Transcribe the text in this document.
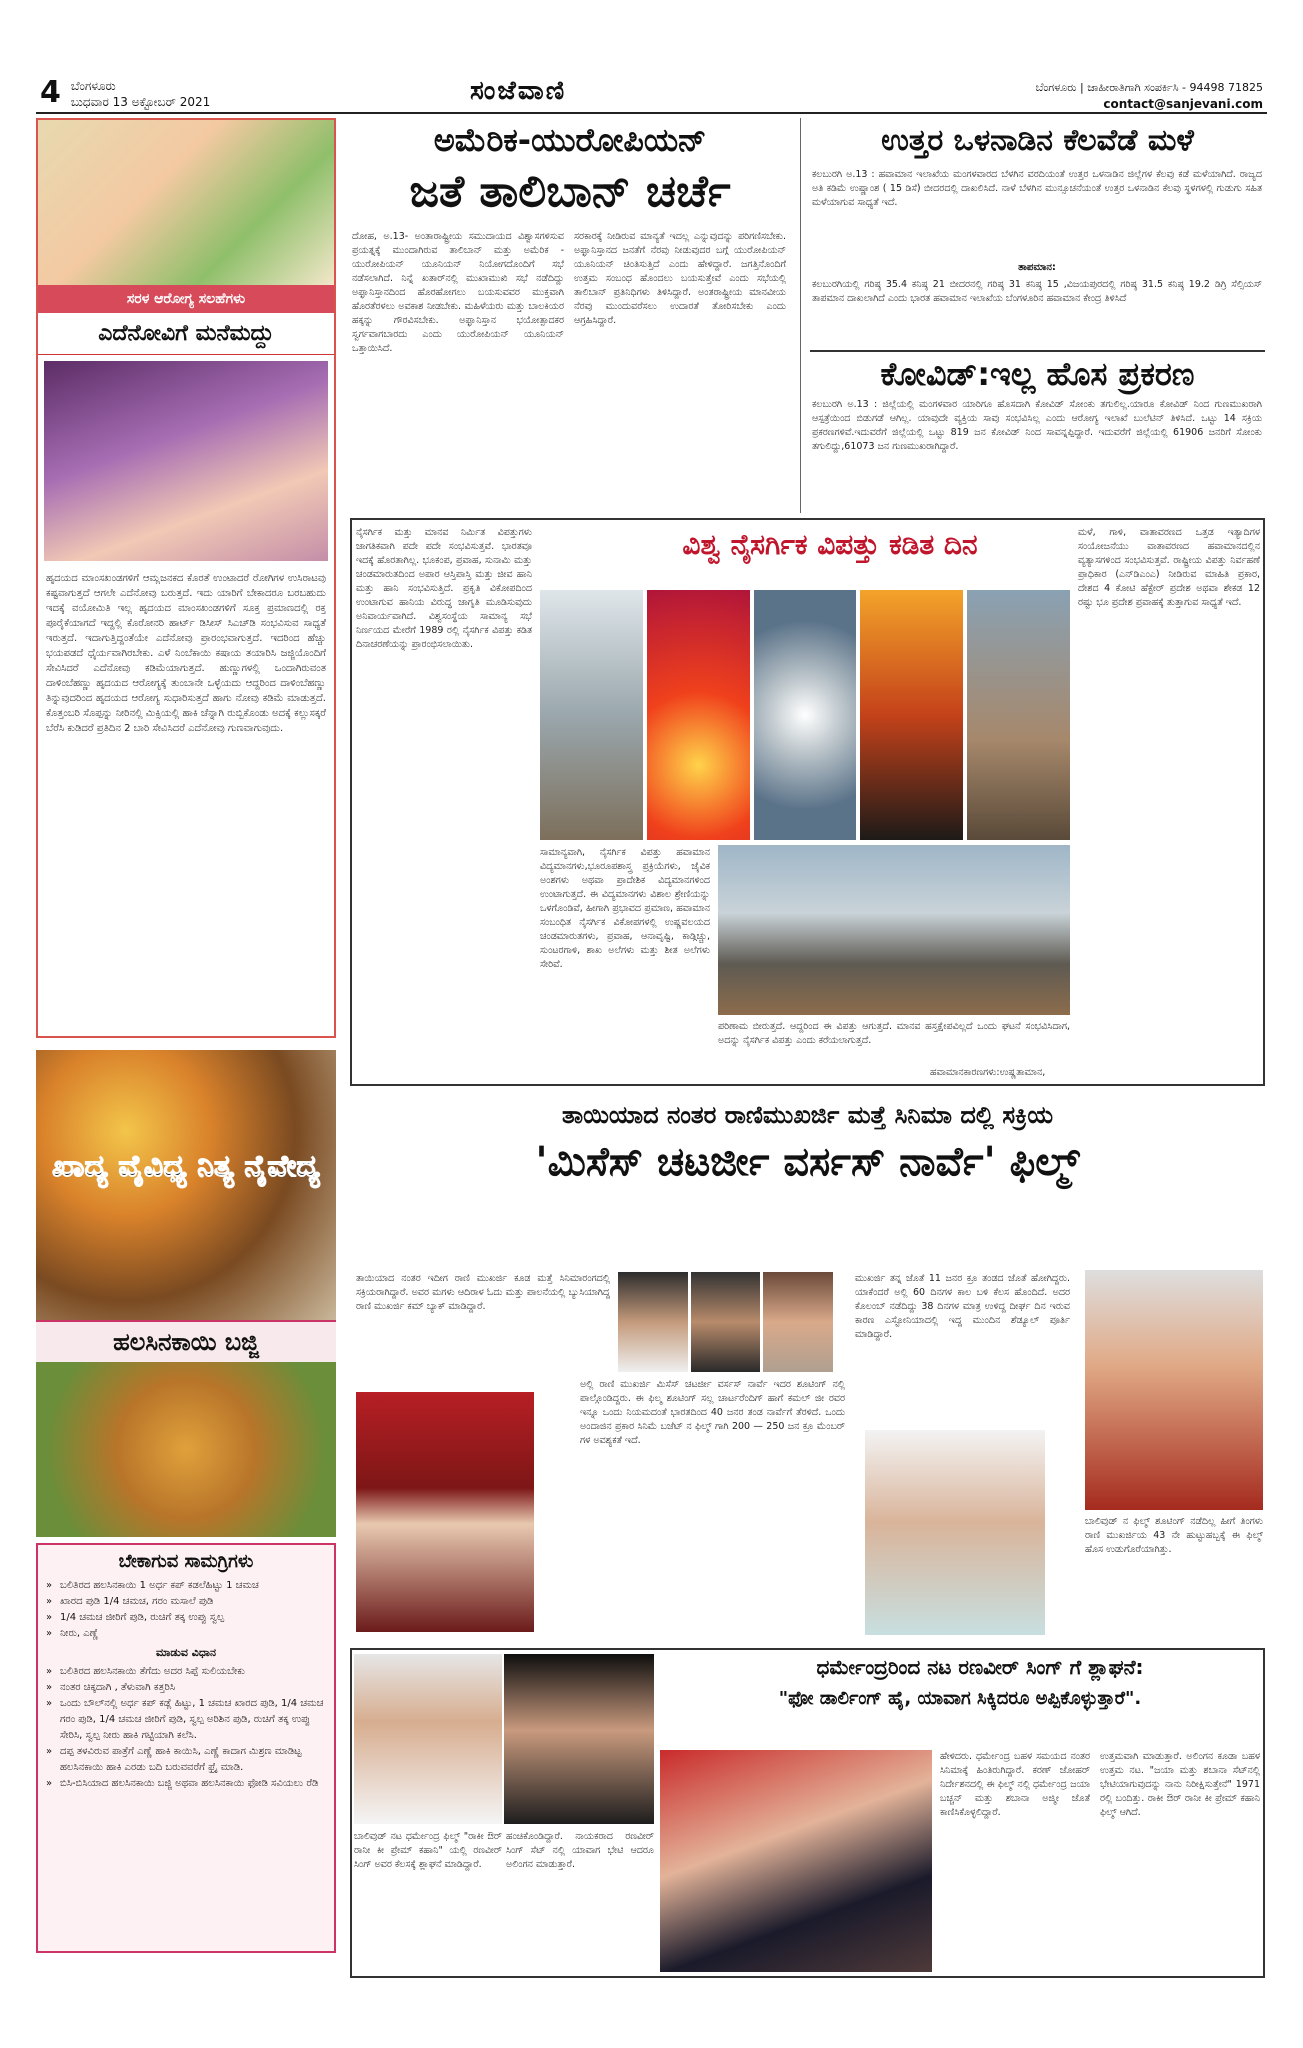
4 ಬೆಂಗಳೂರು
ಬುಧವಾರ 13 ಅಕ್ಟೋಬರ್ 2021	ಸಂಜೆವಾಣಿ	ಬೆಂಗಳೂರು | ಜಾಹೀರಾತಿಗಾಗಿ ಸಂಪರ್ಕಿಸಿ - 94498 71825
contact@sanjevani.com
ಸರಳ ಆರೋಗ್ಯ ಸಲಹೆಗಳು
ಎದೆನೋವಿಗೆ ಮನೆಮದ್ದು
ಹೃದಯದ ಮಾಂಸಖಂಡಗಳಿಗೆ ಆಮ್ಲಜನಕದ ಕೊರತೆ ಉಂಟಾದರೆ ರೋಗಿಗಳ ಉಸಿರಾಟವು ಕಷ್ಟವಾಗುತ್ತದೆ ಆಗಲೇ ಎದೆನೋವು ಬರುತ್ತದೆ. ಇದು ಯಾರಿಗೆ ಬೇಕಾದರೂ ಬರಬಹುದು ಇದಕ್ಕೆ ವಯೋಮಿತಿ ಇಲ್ಲ ಹೃದಯದ ಮಾಂಸಖಂಡಗಳಿಗೆ ಸೂಕ್ತ ಪ್ರಮಾಣದಲ್ಲಿ ರಕ್ತ ಪೂರೈಕೆಯಾಗದೆ ಇದ್ದಲ್ಲಿ ಕೊರೋನರಿ ಹಾರ್ಟ್ ಡಿಸೀಸ್ ಸಿಎಚ್‌ಡಿ ಸಂಭವಿಸುವ ಸಾಧ್ಯತೆ ಇರುತ್ತದೆ. ಇದಾಗುತ್ತಿದ್ದಂತೆಯೇ ಎದೆನೋವು ಪ್ರಾರಂಭವಾಗುತ್ತದೆ. ಇದರಿಂದ ಹೆಚ್ಚು ಭಯಪಡದೆ ಧೈರ್ಯವಾಗಿರಬೇಕು. ಎಳೆ ನಿಂಬೆಕಾಯಿ ಕಷಾಯ ತಯಾರಿಸಿ ಜಜ್ಜಿಯೊಂದಿಗೆ ಸೇವಿಸಿದರೆ ಎದೆನೋವು ಕಡಿಮೆಯಾಗುತ್ತದೆ. ಹುಣ್ಣುಗಳಲ್ಲಿ ಒಂದಾಗಿರುವಂತ ದಾಳಿಂಬೆಹಣ್ಣು ಹೃದಯದ ಆರೋಗ್ಯಕ್ಕೆ ತುಂಬಾನೇ ಒಳ್ಳೆಯದು ಆದ್ದರಿಂದ ದಾಳಿಂಬೆಹಣ್ಣು ತಿನ್ನುವುದರಿಂದ ಹೃದಯದ ಆರೋಗ್ಯ ಸುಧಾರಿಸುತ್ತದೆ ಹಾಗು ನೋವು ಕಡಿಮೆ ಮಾಡುತ್ತದೆ. ಕೊತ್ತಂಬರಿ ಸೊಪ್ಪನ್ನು ನೀರಿನಲ್ಲಿ ಮಿಕ್ಸಿಯಲ್ಲಿ ಹಾಕಿ ಚೆನ್ನಾಗಿ ರುಬ್ಬಿಕೊಂಡು ಅದಕ್ಕೆ ಕಲ್ಲುಸಕ್ಕರೆ ಬೆರೆಸಿ ಕುಡಿದರೆ ಪ್ರತಿದಿನ 2 ಬಾರಿ ಸೇವಿಸಿದರೆ ಎದೆನೋವು ಗುಣವಾಗುವುದು.
ಖಾದ್ಯ ವೈವಿಧ್ಯ ನಿತ್ಯ ನೈವೇದ್ಯ
ಹಲಸಿನಕಾಯಿ ಬಜ್ಜಿ
ಬೇಕಾಗುವ ಸಾಮಗ್ರಿಗಳು
» ಬಲಿತಿರದ ಹಲಸಿನಕಾಯಿ 1 ಅರ್ಧ ಕಪ್ ಕಡಲೆಹಿಟ್ಟು 1 ಚಮಚ
» ಖಾರದ ಪುಡಿ 1/4 ಚಮಚ, ಗರಂ ಮಸಾಲೆ ಪುಡಿ
» 1/4 ಚಮಚ ಜೀರಿಗೆ ಪುಡಿ, ರುಚಿಗೆ ತಕ್ಕ ಉಪ್ಪು ಸ್ವಲ್ಪ
» ನೀರು, ಎಣ್ಣೆ
ಮಾಡುವ ವಿಧಾನ
» ಬಲಿತಿರದ ಹಲಸಿನಕಾಯಿ ತೆಗೆದು ಅದರ ಸಿಪ್ಪೆ ಸುಲಿಯಬೇಕು
» ನಂತರ ಚಿಕ್ಕದಾಗಿ , ತೆಳುವಾಗಿ ಕತ್ತರಿಸಿ
» ಒಂದು ಬೌಲ್‌ನಲ್ಲಿ ಅರ್ಧ ಕಪ್ ಕಡ್ಲೆ ಹಿಟ್ಟು, 1 ಚಮಚ ಖಾರದ ಪುಡಿ, 1/4 ಚಮಚ ಗರಂ ಪುಡಿ, 1/4 ಚಮಚ ಜೀರಿಗೆ ಪುಡಿ, ಸ್ವಲ್ಪ ಅರಿಶಿನ ಪುಡಿ, ರುಚಿಗೆ ತಕ್ಕ ಉಪ್ಪು ಸೇರಿಸಿ, ಸ್ವಲ್ಪ ನೀರು ಹಾಕಿ ಗಟ್ಟಿಯಾಗಿ ಕಲೆಸಿ.
» ದಪ್ಪ ತಳವಿರುವ ಪಾತ್ರೆಗೆ ಎಣ್ಣೆ ಹಾಕಿ ಕಾಯಿಸಿ, ಎಣ್ಣೆ ಕಾದಾಗ ಮಿಶ್ರಣ ಮಾಡಿಟ್ಟ ಹಲಸಿನಕಾಯಿ ಹಾಕಿ ಎರಡು ಬದಿ ಬರುವವರೆಗೆ ಫ್ರೈ ಮಾಡಿ.
» ಬಿಸಿ-ಬಿಸಿಯಾದ ಹಲಸಿನಕಾಯಿ ಬಜ್ಜಿ ಅಥವಾ ಹಲಸಿನಕಾಯಿ ಫೋಡಿ ಸವಿಯಲು ರೆಡಿ
ಅಮೆರಿಕ-ಯುರೋಪಿಯನ್
ಜತೆ ತಾಲಿಬಾನ್ ಚರ್ಚೆ
ದೋಹ, ಅ.13- ಅಂತಾರಾಷ್ಟ್ರೀಯ ಸಮುದಾಯದ ವಿಶ್ವಾಸಗಳಿಸುವ ಪ್ರಯತ್ನಕ್ಕೆ ಮುಂದಾಗಿರುವ ತಾಲಿಬಾನ್ ಮತ್ತು ಅಮೆರಿಕ - ಯುರೋಪಿಯನ್ ಯೂನಿಯನ್ ನಿಯೋಗದೊಂದಿಗೆ ಸಭೆ ನಡೆಸಲಾಗಿದೆ. ನಿನ್ನೆ ಖತಾರ್‌ನಲ್ಲಿ ಮುಖಾಮುಖಿ ಸಭೆ ನಡೆದಿದ್ದು ಅಫ್ಘಾನಿಸ್ತಾನದಿಂದ ಹೊರಹೋಗಲು ಬಯಸುವವರ ಮುಕ್ತವಾಗಿ ಹೊರತೆರಳಲು ಅವಕಾಶ ನೀಡಬೇಕು. ಮಹಿಳೆಯರು ಮತ್ತು ಬಾಲಕಿಯರ ಹಕ್ಕನ್ನು ಗೌರವಿಸಬೇಕು. ಅಫ್ಘಾನಿಸ್ತಾನ ಭಯೋತ್ಪಾದಕರ ಸ್ವರ್ಗವಾಗಬಾರದು ಎಂದು ಯುರೋಪಿಯನ್ ಯೂನಿಯನ್ ಒತ್ತಾಯಿಸಿದೆ.
ಸರಕಾರಕ್ಕೆ ನೀಡಿರುವ ಮಾನ್ಯತೆ ಇದಲ್ಲ ಎನ್ನುವುದನ್ನು ಪರಿಗಣಿಸಬೇಕು. ಅಫ್ಘಾನಿಸ್ತಾನದ ಜನತೆಗೆ ನೆರವು ನೀಡುವುದರ ಬಗ್ಗೆ ಯುರೋಪಿಯನ್ ಯೂನಿಯನ್ ಚಿಂತಿಸುತ್ತಿದೆ ಎಂದು ಹೇಳಿದ್ದಾರೆ. ಜಗತ್ತಿನೊಂದಿಗೆ ಉತ್ತಮ ಸಂಬಂಧ ಹೊಂದಲು ಬಯಸುತ್ತೇವೆ ಎಂದು ಸಭೆಯಲ್ಲಿ ತಾಲಿಬಾನ್ ಪ್ರತಿನಿಧಿಗಳು ತಿಳಿಸಿದ್ದಾರೆ. ಅಂತರಾಷ್ಟ್ರೀಯ ಮಾನವೀಯ ನೆರವು ಮುಂದುವರೆಸಲು ಉದಾರತೆ ತೋರಿಸಬೇಕು ಎಂದು ಆಗ್ರಹಿಸಿದ್ದಾರೆ.
ಉತ್ತರ ಒಳನಾಡಿನ ಕೆಲವೆಡೆ ಮಳೆ
ಕಲಬುರಗಿ ಅ.13 : ಹವಾಮಾನ ಇಲಾಖೆಯ ಮಂಗಳವಾರದ ಬೆಳಗಿನ ವರದಿಯಂತೆ ಉತ್ತರ ಒಳನಾಡಿನ ಜಿಲ್ಲೆಗಳ ಕೆಲವು ಕಡೆ ಮಳೆಯಾಗಿದೆ. ರಾಜ್ಯದ ಅತಿ ಕಡಿಮೆ ಉಷ್ಣಾಂಶ ( 15 ಡಿಸೆ) ಬೀದರದಲ್ಲಿ ದಾಖಲಿಸಿದೆ. ನಾಳೆ ಬೆಳಗಿನ ಮುನ್ಸೂಚನೆಯಂತೆ ಉತ್ತರ ಒಳನಾಡಿನ ಕೆಲವು ಸ್ಥಳಗಳಲ್ಲಿ ಗುಡುಗು ಸಹಿತ ಮಳೆಯಾಗುವ ಸಾಧ್ಯತೆ ಇದೆ.
ತಾಪಮಾನ:
ಕಲಬುರಗಿಯಲ್ಲಿ ಗರಿಷ್ಠ 35.4 ಕನಿಷ್ಠ 21 ಬೀದರನಲ್ಲಿ ಗರಿಷ್ಠ 31 ಕನಿಷ್ಠ 15 ,ವಿಜಯಪುರದಲ್ಲಿ ಗರಿಷ್ಠ 31.5 ಕನಿಷ್ಠ 19.2 ಡಿಗ್ರಿ ಸೆಲ್ಸಿಯಸ್ ತಾಪಮಾನ ದಾಖಲಾಗಿದೆ ಎಂದು ಭಾರತ ಹವಾಮಾನ ಇಲಾಖೆಯ ಬೆಂಗಳೂರಿನ ಹವಾಮಾನ ಕೇಂದ್ರ ತಿಳಿಸಿದೆ
ಕೋವಿಡ್:ಇಲ್ಲ ಹೊಸ ಪ್ರಕರಣ
ಕಲಬುರಗಿ ಅ.13 : ಜಿಲ್ಲೆಯಲ್ಲಿ ಮಂಗಳವಾರ ಯಾರಿಗೂ ಹೊಸದಾಗಿ ಕೋವಿಡ್ ಸೋಂಕು ತಗುಲಿಲ್ಲ.ಯಾರೂ ಕೋವಿಡ್ ನಿಂದ ಗುಣಮುಖರಾಗಿ ಆಸ್ಪತ್ರೆಯಿಂದ ಬಿಡುಗಡೆ ಆಗಿಲ್ಲ. ಯಾವುದೇ ವ್ಯಕ್ತಿಯ ಸಾವು ಸಂಭವಿಸಿಲ್ಲ ಎಂದು ಆರೋಗ್ಯ ಇಲಾಖೆ ಬುಲೆಟಿನ್ ತಿಳಿಸಿದೆ. ಒಟ್ಟು 14 ಸಕ್ರಿಯ ಪ್ರಕರಣಗಳಿವೆ.ಇದುವರೆಗೆ ಜಿಲ್ಲೆಯಲ್ಲಿ ಒಟ್ಟು 819 ಜನ ಕೋವಿಡ್ ನಿಂದ ಸಾವನ್ನಪ್ಪಿದ್ದಾರೆ. ಇದುವರೆಗೆ ಜಿಲ್ಲೆಯಲ್ಲಿ 61906 ಜನರಿಗೆ ಸೋಂಕು ತಗುಲಿದ್ದು,61073 ಜನ ಗುಣಮುಖರಾಗಿದ್ದಾರೆ.
ನೈಸರ್ಗಿಕ ಮತ್ತು ಮಾನವ ನಿರ್ಮಿತ ವಿಪತ್ತುಗಳು ಜಾಗತಿಕವಾಗಿ ಪದೇ ಪದೇ ಸಂಭವಿಸುತ್ತವೆ. ಭಾರತವೂ ಇದಕ್ಕೆ ಹೊರತಾಗಿಲ್ಲ. ಭೂಕಂಪ, ಪ್ರವಾಹ, ಸುನಾಮಿ ಮತ್ತು ಚಂಡಮಾರುತದಿಂದ ಅಪಾರ ಆಸ್ತಿಪಾಸ್ತಿ ಮತ್ತು ಜೀವ ಹಾನಿ ಮತ್ತು ಹಾನಿ ಸಂಭವಿಸುತ್ತಿದೆ. ಪ್ರಕೃತಿ ವಿಕೋಪದಿಂದ ಉಂಟಾಗುವ ಹಾನಿಯ ವಿರುದ್ಧ ಜಾಗೃತಿ ಮೂಡಿಸುವುದು ಅನಿವಾರ್ಯವಾಗಿದೆ. ವಿಶ್ವಸಂಸ್ಥೆಯ ಸಾಮಾನ್ಯ ಸಭೆ ನಿರ್ಣಯದ ಮೇರೆಗೆ 1989 ರಲ್ಲಿ ನೈಸರ್ಗಿಕ ವಿಪತ್ತು ಕಡಿತ ದಿನಾಚರಣೆಯನ್ನು ಪ್ರಾರಂಭಿಸಲಾಯಿತು.
ವಿಶ್ವ ನೈಸರ್ಗಿಕ ವಿಪತ್ತು ಕಡಿತ ದಿನ
ಸಾಮಾನ್ಯವಾಗಿ, ನೈಸರ್ಗಿಕ ವಿಪತ್ತು ಹವಾಮಾನ ವಿದ್ಯಮಾನಗಳು,ಭೂರೂಪಶಾಸ್ತ್ರ ಪ್ರಕ್ರಿಯೆಗಳು, ಜೈವಿಕ ಅಂಶಗಳು ಅಥವಾ ಪ್ರಾದೇಶಿಕ ವಿದ್ಯಮಾನಗಳಿಂದ ಉಂಟಾಗುತ್ತದೆ. ಈ ವಿದ್ಯಮಾನಗಳು ವಿಶಾಲ ಶ್ರೇಣಿಯನ್ನು ಒಳಗೊಂಡಿವೆ, ಹೀಗಾಗಿ ಪ್ರಭಾವದ ಪ್ರಮಾಣ, ಹವಾಮಾನ ಸಂಬಂಧಿತ ನೈಸರ್ಗಿಕ ವಿಕೋಪಗಳಲ್ಲಿ ಉಷ್ಣವಲಯದ ಚಂಡಮಾರುತಗಳು, ಪ್ರವಾಹ, ಆನಾವೃಷ್ಟಿ, ಕಾಡ್ಗಿಚ್ಚು, ಸುಂಟರಗಾಳಿ, ಶಾಖ ಅಲೆಗಳು ಮತ್ತು ಶೀತ ಅಲೆಗಳು ಸೇರಿವೆ.
ಪರಿಣಾಮ ಬೀರುತ್ತದೆ. ಆದ್ದರಿಂದ ಈ ವಿಪತ್ತು ಆಗುತ್ತದೆ. ಮಾನವ ಹಸ್ತಕ್ಷೇಪವಿಲ್ಲದೆ ಒಂದು ಘಟನೆ ಸಂಭವಿಸಿದಾಗ, ಅದನ್ನು ನೈಸರ್ಗಿಕ ವಿಪತ್ತು ಎಂದು ಕರೆಯಲಾಗುತ್ತದೆ.
ಹವಾಮಾನಕಾರಣಗಳು:ಉಷ್ಣತಾಮಾನ,
ಮಳೆ, ಗಾಳಿ, ವಾತಾವರಣದ ಒತ್ತಡ ಇತ್ಯಾದಿಗಳ ಸಂಯೋಜನೆಯು ವಾತಾವರಣದ ಹವಾಮಾನದಲ್ಲಿನ ವ್ಯತ್ಯಾಸಗಳಿಂದ ಸಂಭವಿಸುತ್ತವೆ. ರಾಷ್ಟ್ರೀಯ ವಿಪತ್ತು ನಿರ್ವಹಣೆ ಪ್ರಾಧಿಕಾರ (ಎನ್‌ಡಿಎಂಎ) ನೀಡಿರುವ ಮಾಹಿತಿ ಪ್ರಕಾರ, ದೇಶದ 4 ಕೋಟಿ ಹೆಕ್ಟೇರ್ ಪ್ರದೇಶ ಅಥವಾ ಶೇಕಡ 12 ರಷ್ಟು ಭೂ ಪ್ರದೇಶ ಪ್ರವಾಹಕ್ಕೆ ತುತ್ತಾಗುವ ಸಾಧ್ಯತೆ ಇದೆ.
ತಾಯಿಯಾದ ನಂತರ ರಾಣಿಮುಖರ್ಜಿ ಮತ್ತೆ ಸಿನಿಮಾ ದಲ್ಲಿ ಸಕ್ರಿಯ
'ಮಿಸೆಸ್ ಚಟರ್ಜೀ ವರ್ಸಸ್ ನಾರ್ವೆ' ಫಿಲ್ಮ್
ತಾಯಿಯಾದ ನಂತರ ಇದೀಗ ರಾಣಿ ಮುಖರ್ಜಿ ಕೂಡ ಮತ್ತೆ ಸಿನಿಮಾರಂಗದಲ್ಲಿ ಸಕ್ರಿಯರಾಗಿದ್ದಾರೆ. ಅವರ ಮಗಳು ಆದಿರಾಳ ಓದು ಮತ್ತು ಪಾಲನೆಯಲ್ಲಿ ಬ್ಯುಸಿಯಾಗಿದ್ದ ರಾಣಿ ಮುಖರ್ಜಿ ಕಮ್ ಬ್ಯಾಕ್ ಮಾಡಿದ್ದಾರೆ.
ಅಲ್ಲಿ ರಾಣಿ ಮುಖರ್ಜಿ ಮಿಸೆಸ್ ಚಟರ್ಜೀ ವರ್ಸಸ್ ನಾರ್ವೆ ಇದರ ಶೂಟಿಂಗ್ ನಲ್ಲಿ ಪಾಲ್ಗೊಂಡಿದ್ದರು. ಈ ಫಿಲ್ಮ ಶೂಟಿಂಗ್ ಸಲ್ಲ ಚಾರ್ಟರೆಂದಿಗ್ ಹಾಗೆ ಕಮಲ್ ಜೀ ರವರ ಇನ್ನೂ ಒಂದು ನಿಯಮದಂತೆ ಭಾರತದಿಂದ 40 ಜನರ ತಂಡ ನಾರ್ವೆಗೆ ತೆರಳಿದೆ. ಒಂದು ಅಂದಾಜಿನ ಪ್ರಕಾರ ಸಿನಿಮೆ ಬಜೆಟ್ ನ ಫಿಲ್ಮ್ ಗಾಗಿ 200 — 250 ಜನ ಕ್ರೂ ಮೆಂಬರ್ ಗಳ ಅವಶ್ಯಕತೆ ಇದೆ.
ಮುಖರ್ಜಿ ತನ್ನ ಜೊತೆ 11 ಜನರ ಕ್ರೂ ತಂಡದ ಜೊತೆ ಹೋಗಿದ್ದರು. ಯಾಕೆಂದರೆ ಅಲ್ಲಿ 60 ದಿನಗಳ ಕಾಲ ಬಳಿ ಕೆಲಸ ಹೊಂದಿದೆ. ಅದರ ಕೊಲಂಬ್ ನಡೆದಿದ್ದು 38 ದಿನಗಳ ಮಾತ್ರ ಉಳಿದ್ದ ದೀರ್ಘ ದಿನ ಇರುವ ಕಾರಣ ಎಸ್ಟೋನಿಯಾದಲ್ಲಿ ಇದ್ದ ಮುಂದಿನ ಶೆಡ್ಯೂಲ್ ಪೂರ್ತಿ ಮಾಡಿದ್ದಾರೆ.
ಬಾಲಿವುಡ್ ನ ಫಿಲ್ಮ್ ಶೂಟಿಂಗ್ ನಡೆದಿಲ್ಲ ಹೀಗೆ ತಿಂಗಳು ರಾಣಿ ಮುಖರ್ಜಿಯ 43 ನೇ ಹುಟ್ಟುಹಬ್ಬಕ್ಕೆ ಈ ಫಿಲ್ಮ್ ಹೊಸ ಉಡುಗೊರೆಯಾಗಿತ್ತು.
ಧರ್ಮೇಂದ್ರರಿಂದ ನಟ ರಣವೀರ್ ಸಿಂಗ್ ಗೆ ಶ್ಲಾಘನೆ:
"ಫೋ ಡಾರ್ಲಿಂಗ್ ಹೈ, ಯಾವಾಗ ಸಿಕ್ಕಿದರೂ ಅಪ್ಪಿಕೊಳ್ಳುತ್ತಾರೆ".
ಬಾಲಿವುಡ್ ನಟ ಧರ್ಮೇಂದ್ರ ಫಿಲ್ಮ್ "ರಾಕೀ ಔರ್ ರಾನೀ ಕೀ ಪ್ರೇಮ್ ಕಹಾನಿ" ಯಲ್ಲಿ ರಣವೀರ್ ಸಿಂಗ್ ಅವರ ಕೆಲಸಕ್ಕೆ ಶ್ಲಾಘನೆ ಮಾಡಿದ್ದಾರೆ.
ಹಂಚಿಕೊಂಡಿದ್ದಾರೆ. ನಾಯಕರಾದ ರಣವೀರ್ ಸಿಂಗ್ ಸೆಟ್ ನಲ್ಲಿ ಯಾವಾಗ ಭೇಟಿ ಆದರೂ ಅಲಿಂಗನ ಮಾಡುತ್ತಾರೆ.
ಹೇಳಿದರು. ಧರ್ಮೇಂದ್ರ ಬಹಳ ಸಮಯದ ನಂತರ ಸಿನಿಮಾಕ್ಕೆ ಹಿಂತಿರುಗಿದ್ದಾರೆ. ಕರಣ್ ಜೋಹರ್ ನಿರ್ದೇಶನದಲ್ಲಿ ಈ ಫಿಲ್ಮ್ ನಲ್ಲಿ ಧರ್ಮೇಂದ್ರ ಜಯಾ ಬಚ್ಚನ್ ಮತ್ತು ಶಬಾನಾ ಅಜ್ಮೀ ಜೊತೆ ಕಾಣಿಸಿಕೊಳ್ಳಲಿದ್ದಾರೆ.
ಉತ್ತಮವಾಗಿ ಮಾಡುತ್ತಾರೆ. ಅಲಿಂಗನ ಕೂಡಾ ಬಹಳ ಉತ್ತಮ ನಟ. "ಜಯಾ ಮತ್ತು ಶಬಾನಾ ಸೆಟ್‌ನಲ್ಲಿ ಭೇಟಿಯಾಗುವುದನ್ನು ನಾನು ನಿರೀಕ್ಷಿಸುತ್ತೇನೆ" 1971 ರಲ್ಲಿ ಬಂದಿತ್ತು. ರಾಕೀ ಔರ್ ರಾನೀ ಕೀ ಪ್ರೇಮ್ ಕಹಾನಿ ಫಿಲ್ಮ್ ಆಗಿದೆ.
